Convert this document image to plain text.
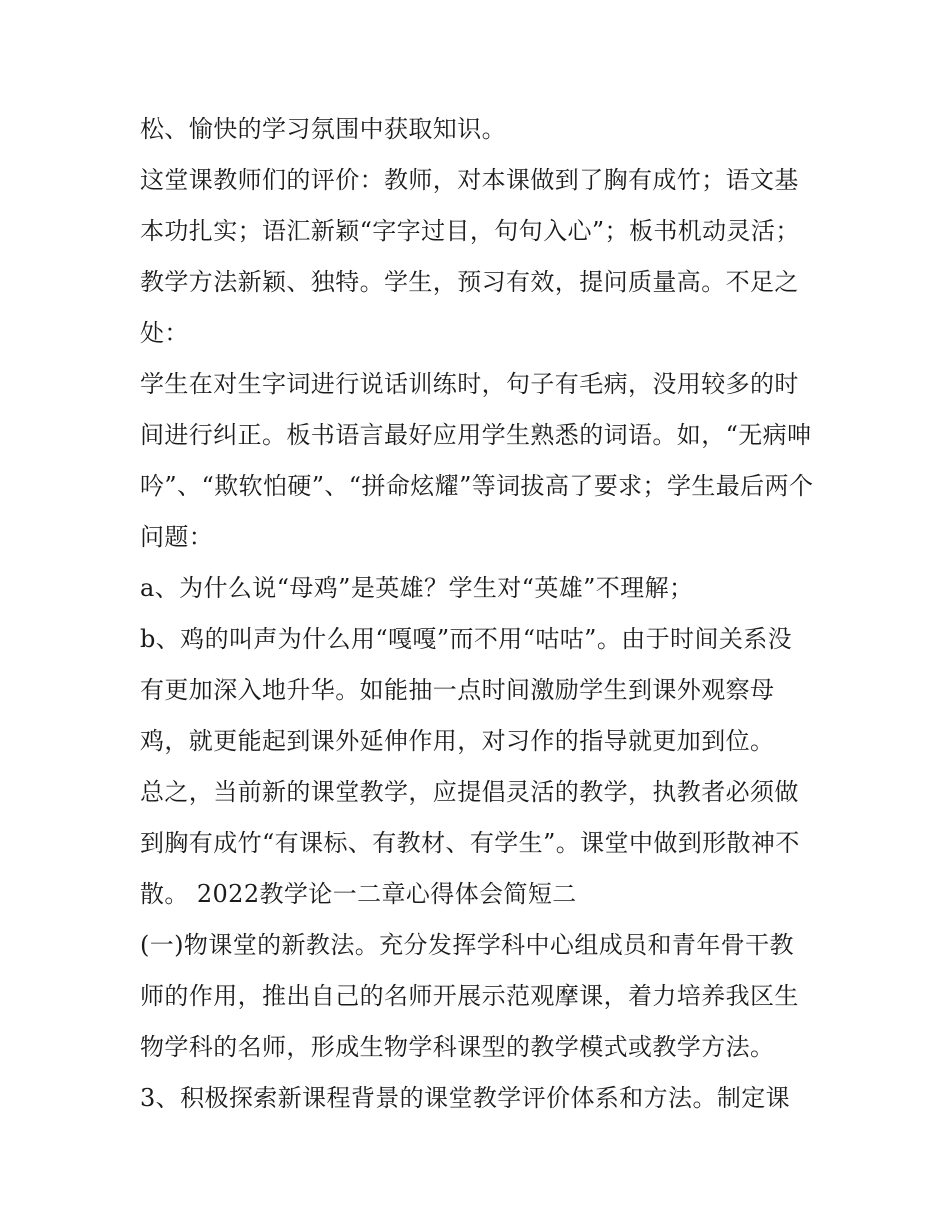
松、愉快的学习氛围中获取知识。

这堂课教师们的评价：教师，对本课做到了胸有成竹；语文基本功扎实；语汇新颖“字字过目，句句入心”；板书机动灵活；教学方法新颖、独特。学生，预习有效，提问质量高。不足之处：

学生在对生字词进行说话训练时，句子有毛病，没用较多的时间进行纠正。板书语言最好应用学生熟悉的词语。如，“无病呻吟”、“欺软怕硬”、“拼命炫耀”等词拔高了要求；学生最后两个问题：

a、为什么说“母鸡”是英雄？学生对“英雄”不理解；

b、鸡的叫声为什么用“嘎嘎”而不用“咕咕”。由于时间关系没有更加深入地升华。如能抽一点时间激励学生到课外观察母鸡，就更能起到课外延伸作用，对习作的指导就更加到位。

总之，当前新的课堂教学，应提倡灵活的教学，执教者必须做到胸有成竹“有课标、有教材、有学生”。课堂中做到形散神不散。 2022教学论一二章心得体会简短二

(一)物课堂的新教法。充分发挥学科中心组成员和青年骨干教师的作用，推出自己的名师开展示范观摩课，着力培养我区生物学科的名师，形成生物学科课型的教学模式或教学方法。

3、积极探索新课程背景的课堂教学评价体系和方法。制定课
